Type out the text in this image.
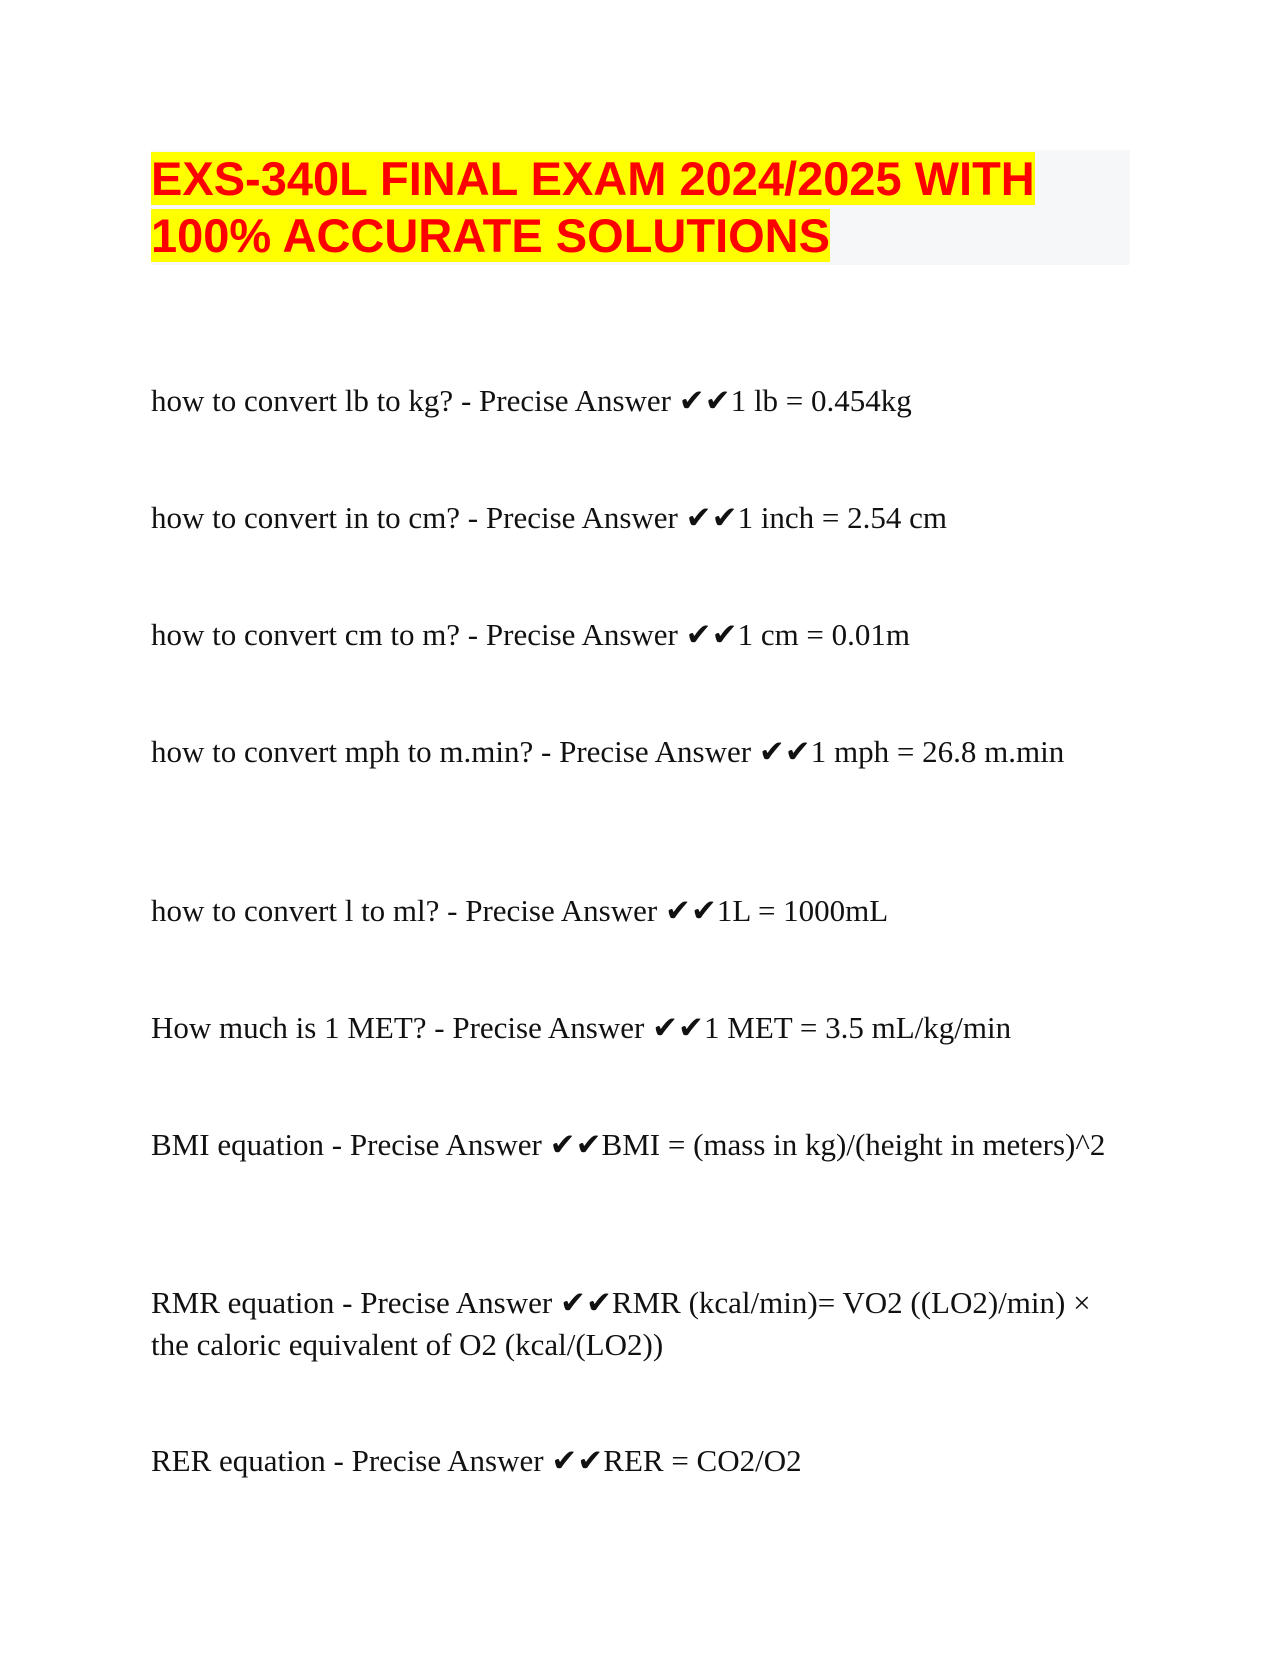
EXS-340L FINAL EXAM 2024/2025 WITH
100% ACCURATE SOLUTIONS

how to convert lb to kg? - Precise Answer ✔✔1 lb = 0.454kg

how to convert in to cm? - Precise Answer ✔✔1 inch = 2.54 cm

how to convert cm to m? - Precise Answer ✔✔1 cm = 0.01m

how to convert mph to m.min? - Precise Answer ✔✔1 mph = 26.8 m.min

how to convert l to ml? - Precise Answer ✔✔1L = 1000mL

How much is 1 MET? - Precise Answer ✔✔1 MET = 3.5 mL/kg/min

BMI equation - Precise Answer ✔✔BMI = (mass in kg)/(height in meters)^2

RMR equation - Precise Answer ✔✔RMR (kcal/min)= VO2 ((LO2)/min) × the caloric equivalent of O2 (kcal/(LO2))

RER equation - Precise Answer ✔✔RER = CO2/O2
